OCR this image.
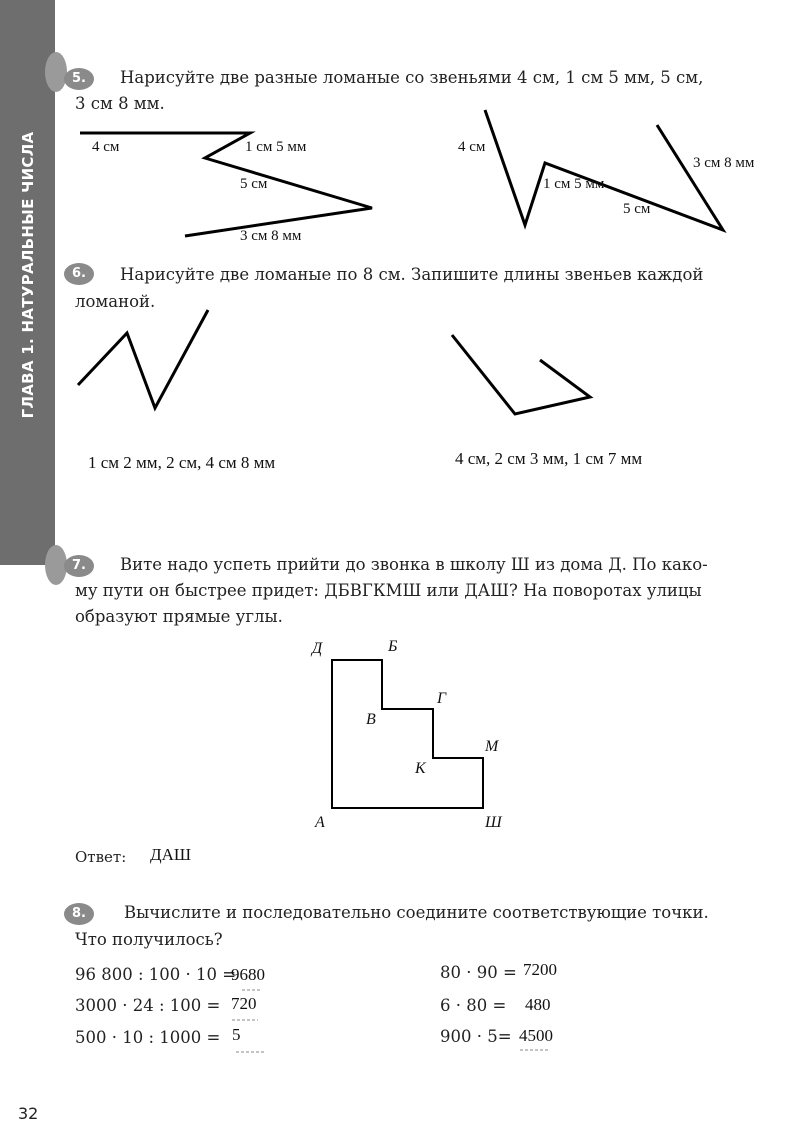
ГЛАВА 1. НАТУРАЛЬНЫЕ ЧИСЛА
5.	Нарисуйте две разные ломаные со звеньями 4 см, 1 см 5 мм, 5 см,
3 см 8 мм.
4 см	1 см 5 мм
5 см
3 см 8 мм
4 см
1 см 5 мм
5 см
3 см 8 мм
6.	Нарисуйте две ломаные по 8 см. Запишите длины звеньев каждой
ломаной.
1 см 2 мм, 2 см, 4 см 8 мм	4 см, 2 см 3 мм, 1 см 7 мм
7.	Вите надо успеть прийти до звонка в школу Ш из дома Д. По како-
му пути он быстрее придет: ДБВГКМШ или ДАШ? На поворотах улицы
образуют прямые углы.
Д	Б
Г
В
М
К
А	Ш
Ответ: ДАШ
8.	Вычислите и последовательно соедините соответствующие точки.
Что получилось?
96 800 : 100 · 10 =
9680
3000 · 24 : 100 = 720
500 · 10 : 1000 = 5
80 · 90 = 7200
6 · 80 = 480
900 · 5= 4500
32
